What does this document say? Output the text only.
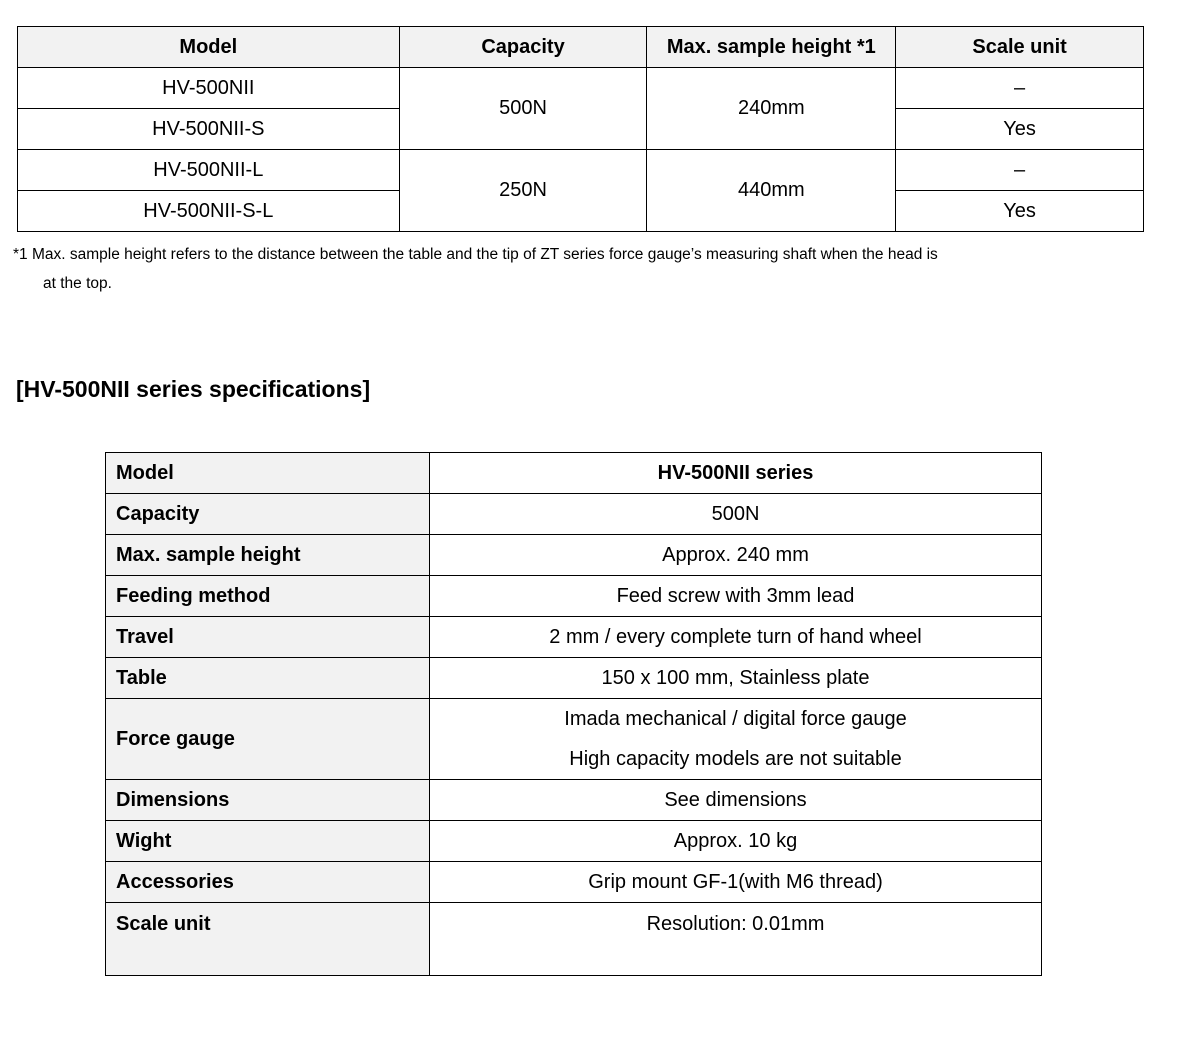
Model	Capacity	Max. sample height *1	Scale unit
HV-500NII	500N	240mm	–
HV-500NII-S			Yes
HV-500NII-L	250N	440mm	–
HV-500NII-S-L			Yes
*1 Max. sample height refers to the distance between the table and the tip of ZT series force gauge’s measuring shaft when the head is
at the top.
[HV-500NII series specifications]
Model	HV-500NII series
Capacity	500N
Max. sample height	Approx. 240 mm
Feeding method	Feed screw with 3mm lead
Travel	2 mm / every complete turn of hand wheel
Table	150 x 100 mm, Stainless plate
Force gauge	Imada mechanical / digital force gauge
High capacity models are not suitable

Dimensions	See dimensions
Wight	Approx. 10 kg
Accessories	Grip mount GF-1(with M6 thread)
Scale unit	Resolution: 0.01mm
